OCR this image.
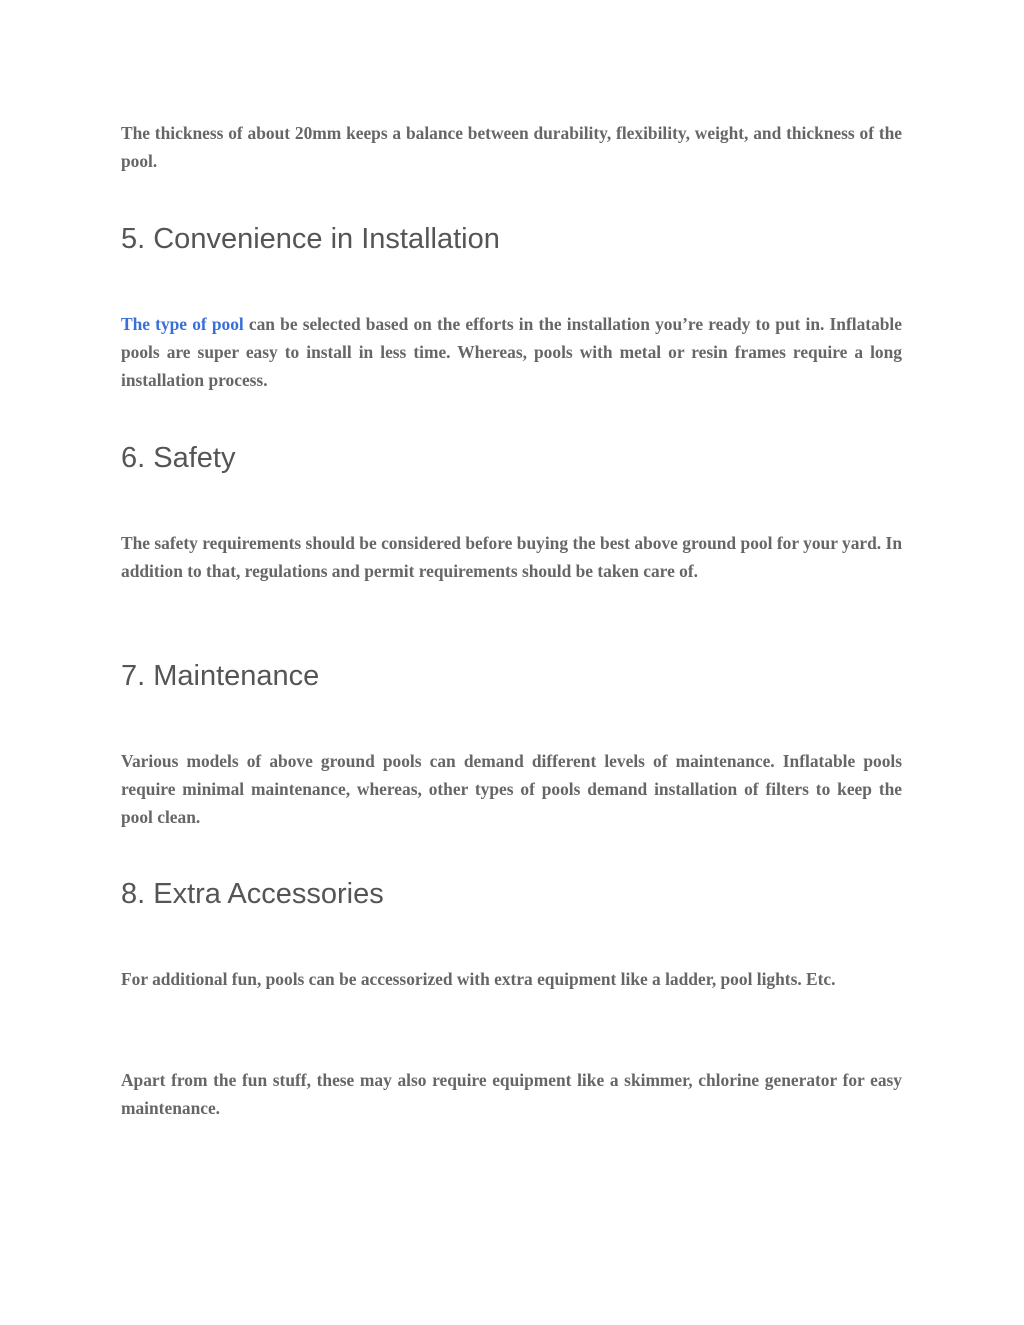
The thickness of about 20mm keeps a balance between durability, flexibility, weight, and thickness of the pool.

5. Convenience in Installation

The type of pool can be selected based on the efforts in the installation you’re ready to put in. Inflatable pools are super easy to install in less time. Whereas, pools with metal or resin frames require a long installation process.

6. Safety

The safety requirements should be considered before buying the best above ground pool for your yard. In addition to that, regulations and permit requirements should be taken care of.

7. Maintenance

Various models of above ground pools can demand different levels of maintenance. Inflatable pools require minimal maintenance, whereas, other types of pools demand installation of filters to keep the pool clean.

8. Extra Accessories

For additional fun, pools can be accessorized with extra equipment like a ladder, pool lights. Etc.

Apart from the fun stuff, these may also require equipment like a skimmer, chlorine generator for easy maintenance.
